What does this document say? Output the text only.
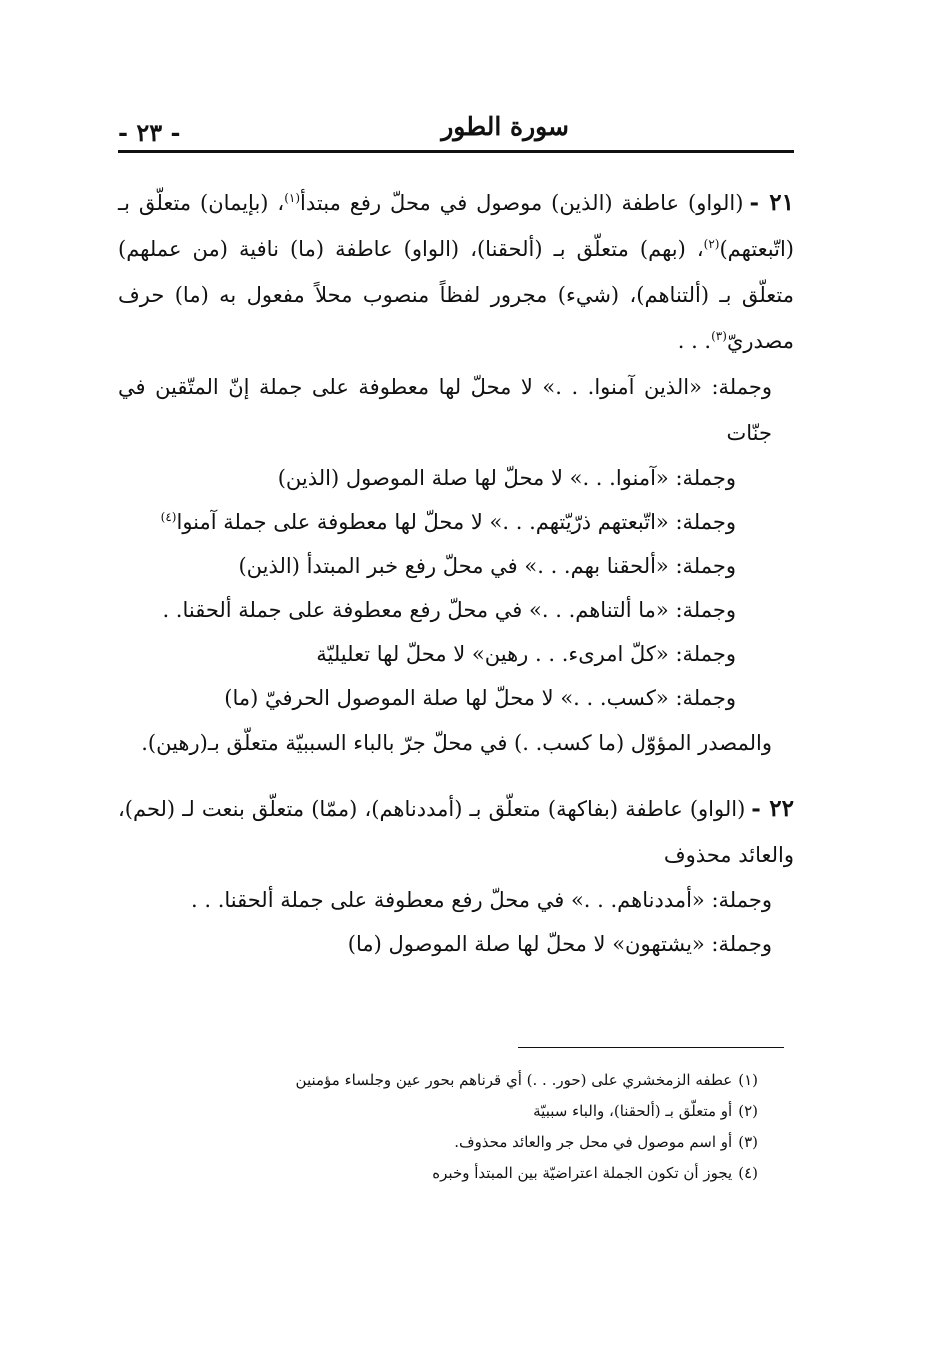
سورة الطور
- ٢٣ -

٢١ -(الواو) عاطفة (الذين) موصول في محلّ رفع مبتدأ$^{(١)}$، (بإيمان) متعلّق بـ (اتّبعتهم)$^{(٢)}$، (بهم) متعلّق بـ (ألحقنا)، (الواو) عاطفة (ما) نافية (من عملهم) متعلّق بـ (ألتناهم)، (شيء) مجرور لفظاً منصوب محلاً مفعول به (ما) حرف مصدريّ$^{(٣)}$. . .

وجملة: «الذين آمنوا. . .» لا محلّ لها معطوفة على جملة إنّ المتّقين في جنّات

وجملة: «آمنوا. . .» لا محلّ لها صلة الموصول (الذين)

وجملة: «اتّبعتهم ذرّيّتهم. . .» لا محلّ لها معطوفة على جملة آمنوا$^{(٤)}$

وجملة: «ألحقنا بهم. . .» في محلّ رفع خبر المبتدأ (الذين)

وجملة: «ما ألتناهم. . .» في محلّ رفع معطوفة على جملة ألحقنا. .

وجملة: «كلّ امرىء. . . رهين» لا محلّ لها تعليليّة

وجملة: «كسب. . .» لا محلّ لها صلة الموصول الحرفيّ (ما)

والمصدر المؤوّل (ما كسب. .) في محلّ جرّ بالباء السببيّة متعلّق بـ(رهين).

٢٢ -(الواو) عاطفة (بفاكهة) متعلّق بـ (أمددناهم)، (ممّا) متعلّق بنعت لـ (لحم)، والعائد محذوف

وجملة: «أمددناهم. . .» في محلّ رفع معطوفة على جملة ألحقنا. . .

وجملة: «يشتهون» لا محلّ لها صلة الموصول (ما)

(١)عطفه الزمخشري على (حور. . .) أي قرناهم بحور عين وجلساء مؤمنين

(٢)أو متعلّق بـ (ألحقنا)، والباء سببيّة

(٣)أو اسم موصول في محل جر والعائد محذوف.

(٤)يجوز أن تكون الجملة اعتراضيّة بين المبتدأ وخبره
